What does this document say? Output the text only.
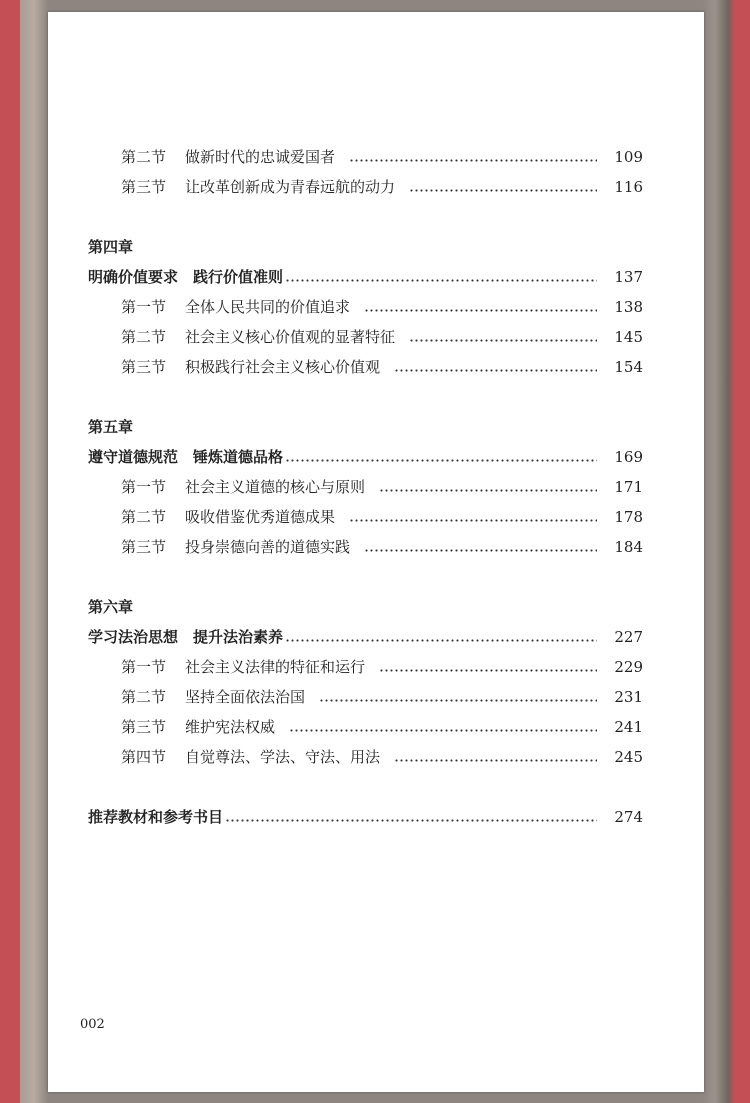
第二节	做新时代的忠诚爱国者	109
第三节	让改革创新成为青春远航的动力	116
第四章
明确价值要求　践行价值准则	137
第一节	全体人民共同的价值追求	138
第二节	社会主义核心价值观的显著特征	145
第三节	积极践行社会主义核心价值观	154
第五章
遵守道德规范　锤炼道德品格	169
第一节	社会主义道德的核心与原则	171
第二节	吸收借鉴优秀道德成果	178
第三节	投身崇德向善的道德实践	184
第六章
学习法治思想　提升法治素养	227
第一节	社会主义法律的特征和运行	229
第二节	坚持全面依法治国	231
第三节	维护宪法权威	241
第四节	自觉尊法、学法、守法、用法	245
推荐教材和参考书目	274
002
